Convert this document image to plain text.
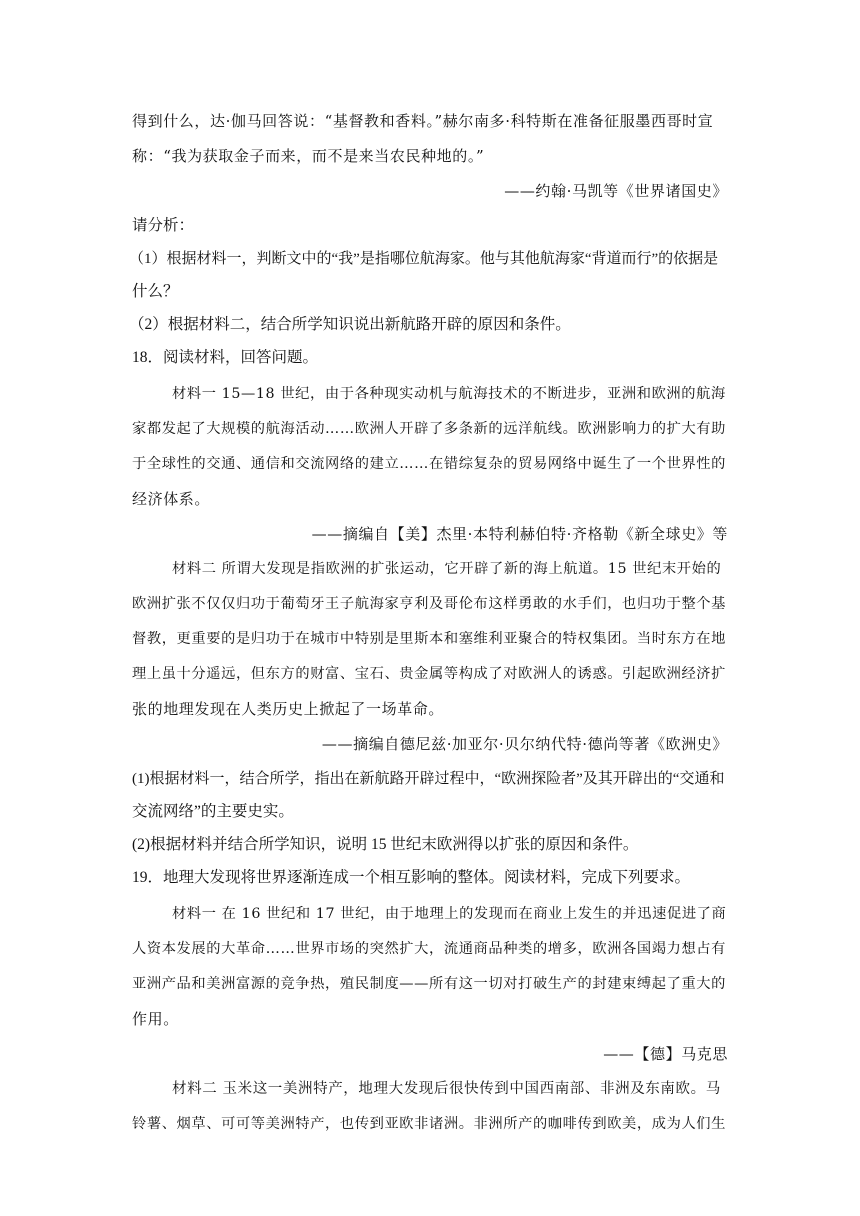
得到什么，达·伽马回答说：“基督教和香料。”赫尔南多·科特斯在准备征服墨西哥时宣
称：“我为获取金子而来，而不是来当农民种地的。”
——约翰·马凯等《世界诸国史》
请分析：
（1）根据材料一，判断文中的“我”是指哪位航海家。他与其他航海家“背道而行”的依据是
什么？
（2）根据材料二，结合所学知识说出新航路开辟的原因和条件。
18．阅读材料，回答问题。
材料一 15—18 世纪，由于各种现实动机与航海技术的不断进步，亚洲和欧洲的航海
家都发起了大规模的航海活动……欧洲人开辟了多条新的远洋航线。欧洲影响力的扩大有助
于全球性的交通、通信和交流网络的建立……在错综复杂的贸易网络中诞生了一个世界性的
经济体系。
——摘编自【美】杰里·本特利赫伯特·齐格勒《新全球史》等
材料二 所谓大发现是指欧洲的扩张运动，它开辟了新的海上航道。15 世纪末开始的
欧洲扩张不仅仅归功于葡萄牙王子航海家亨利及哥伦布这样勇敢的水手们，也归功于整个基
督教，更重要的是归功于在城市中特别是里斯本和塞维利亚聚合的特权集团。当时东方在地
理上虽十分遥远，但东方的财富、宝石、贵金属等构成了对欧洲人的诱惑。引起欧洲经济扩
张的地理发现在人类历史上掀起了一场革命。
——摘编自德尼兹·加亚尔·贝尔纳代特·德尚等著《欧洲史》
(1)根据材料一，结合所学，指出在新航路开辟过程中，“欧洲探险者”及其开辟出的“交通和
交流网络”的主要史实。
(2)根据材料并结合所学知识，说明 15 世纪末欧洲得以扩张的原因和条件。
19．地理大发现将世界逐渐连成一个相互影响的整体。阅读材料，完成下列要求。
材料一 在 16 世纪和 17 世纪，由于地理上的发现而在商业上发生的并迅速促进了商
人资本发展的大革命……世界市场的突然扩大，流通商品种类的增多，欧洲各国竭力想占有
亚洲产品和美洲富源的竞争热，殖民制度——所有这一切对打破生产的封建束缚起了重大的
作用。
——【德】马克思
材料二 玉米这一美洲特产，地理大发现后很快传到中国西南部、非洲及东南欧。马
铃薯、烟草、可可等美洲特产，也传到亚欧非诸洲。非洲所产的咖啡传到欧美，成为人们生
